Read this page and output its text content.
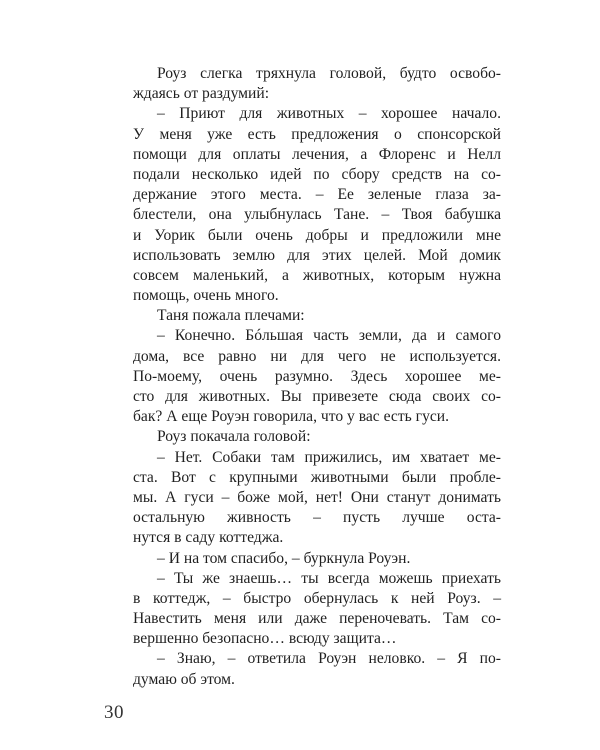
Роуз слегка тряхнула головой, будто освобо-
ждаясь от раздумий:
– Приют для животных – хорошее начало.
У меня уже есть предложения о спонсорской
помощи для оплаты лечения, а Флоренс и Нелл
подали несколько идей по сбору средств на со-
держание этого места. – Ее зеленые глаза за-
блестели, она улыбнулась Тане. – Твоя бабушка
и Уорик были очень добры и предложили мне
использовать землю для этих целей. Мой домик
совсем маленький, а животных, которым нужна
помощь, очень много.
Таня пожала плечами:
– Конечно. Бóльшая часть земли, да и самого
дома, все равно ни для чего не используется.
По-моему, очень разумно. Здесь хорошее ме-
сто для животных. Вы привезете сюда своих со-
бак? А еще Роуэн говорила, что у вас есть гуси.
Роуз покачала головой:
– Нет. Собаки там прижились, им хватает ме-
ста. Вот с крупными животными были пробле-
мы. А гуси – боже мой, нет! Они станут донимать
остальную живность – пусть лучше оста-
нутся в саду коттеджа.
– И на том спасибо, – буркнула Роуэн.
– Ты же знаешь… ты всегда можешь приехать
в коттедж, – быстро обернулась к ней Роуз. –
Навестить меня или даже переночевать. Там со-
вершенно безопасно… всюду защита…
– Знаю, – ответила Роуэн неловко. – Я по-
думаю об этом.
30
